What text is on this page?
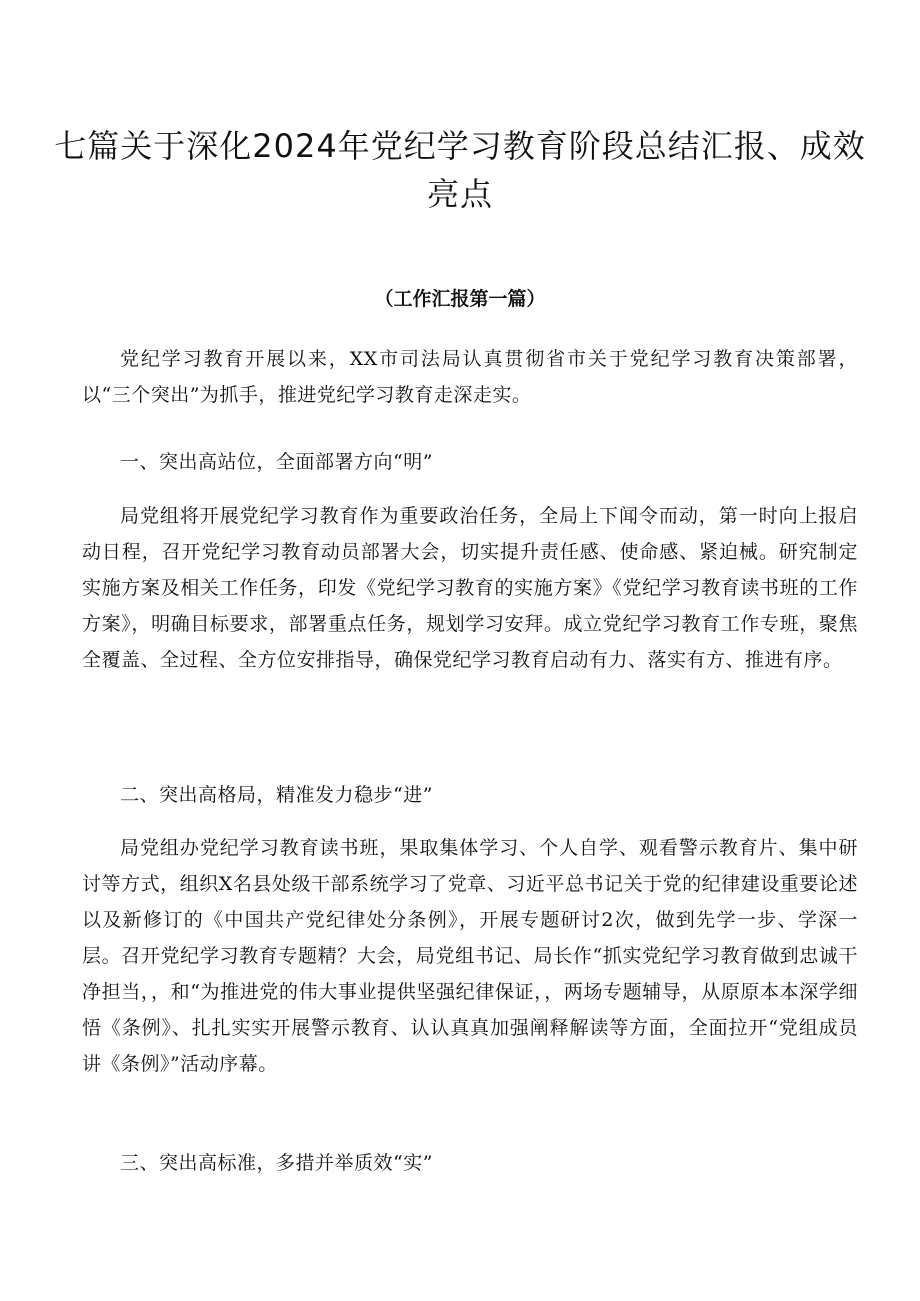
七篇关于深化2024年党纪学习教育阶段总结汇报、成效亮点

（工作汇报第一篇）

党纪学习教育开展以来，XX市司法局认真贯彻省市关于党纪学习教育决策部署，以“三个突出”为抓手，推进党纪学习教育走深走实。

一、突出高站位，全面部署方向“明”

局党组将开展党纪学习教育作为重要政治任务，全局上下闻令而动，第一时向上报启动日程，召开党纪学习教育动员部署大会，切实提升责任感、使命感、紧迫械。研究制定实施方案及相关工作任务，印发《党纪学习教育的实施方案》《党纪学习教育读书班的工作方案》，明确目标要求，部署重点任务，规划学习安拜。成立党纪学习教育工作专班，聚焦全覆盖、全过程、全方位安排指导，确保党纪学习教育启动有力、落实有方、推进有序。

二、突出高格局，精准发力稳步“进”

局党组办党纪学习教育读书班，果取集体学习、个人自学、观看警示教育片、集中研讨等方式，组织X名县处级干部系统学习了党章、习近平总书记关于党的纪律建设重要论述以及新修订的《中国共产党纪律处分条例》，开展专题研讨2次，做到先学一步、学深一层。召开党纪学习教育专题精？大会，局党组书记、局长作“抓实党纪学习教育做到忠诚干净担当，，和“为推进党的伟大事业提供坚强纪律保证，，两场专题辅导，从原原本本深学细悟《条例》、扎扎实实开展警示教育、认认真真加强阐释解读等方面，全面拉开“党组成员讲《条例》”活动序幕。

三、突出高标准，多措并举质效“实”
